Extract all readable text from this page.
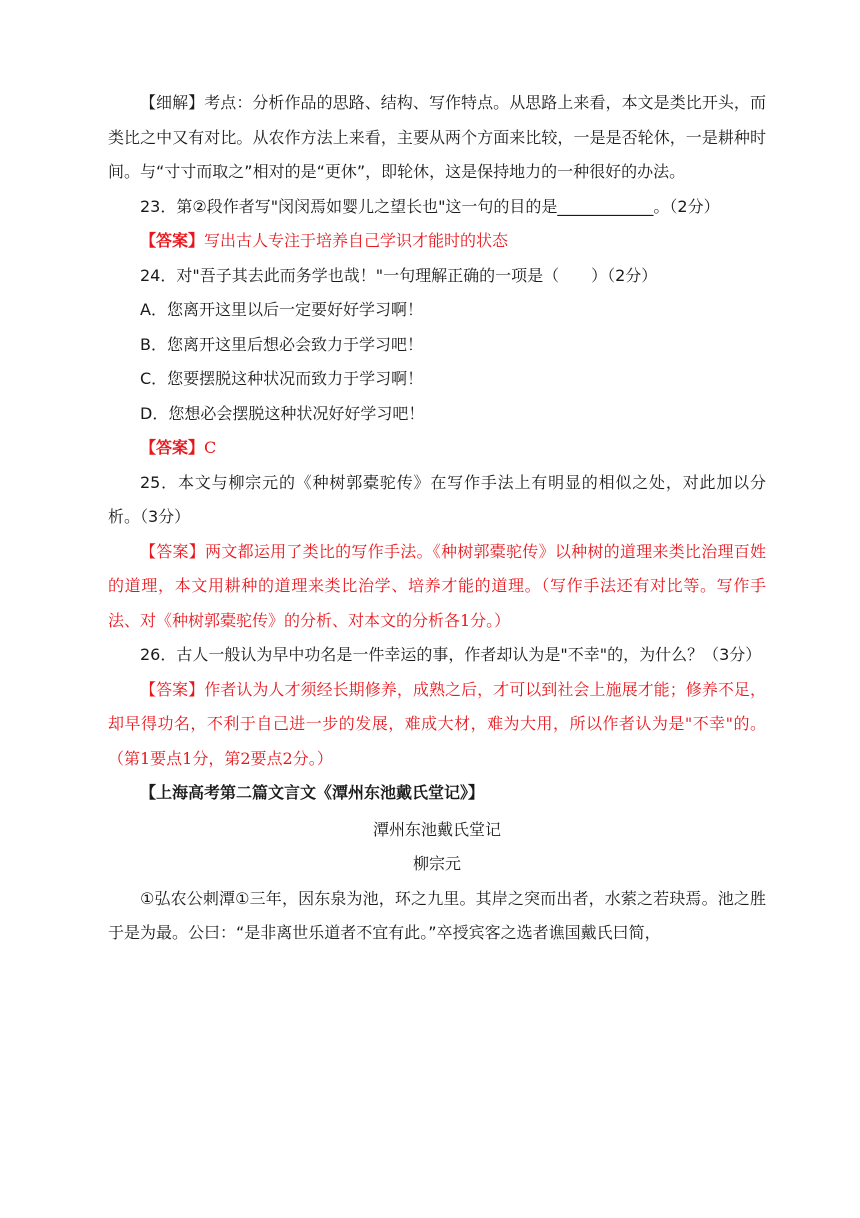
【细解】考点：分析作品的思路、结构、写作特点。从思路上来看，本文是类比开头，而类比之中又有对比。从农作方法上来看，主要从两个方面来比较，一是是否轮休，一是耕种时间。与“寸寸而取之”相对的是“更休”，即轮休，这是保持地力的一种很好的办法。

23．第②段作者写"闵闵焉如婴儿之望长也"这一句的目的是____________。（2分）

【答案】写出古人专注于培养自己学识才能时的状态

24．对"吾子其去此而务学也哉！"一句理解正确的一项是（　　）（2分）

A．您离开这里以后一定要好好学习啊！

B．您离开这里后想必会致力于学习吧！

C．您要摆脱这种状况而致力于学习啊！

D．您想必会摆脱这种状况好好学习吧！

【答案】C

25．本文与柳宗元的《种树郭橐驼传》在写作手法上有明显的相似之处，对此加以分析。（3分）

【答案】两文都运用了类比的写作手法。《种树郭橐驼传》以种树的道理来类比治理百姓的道理，本文用耕种的道理来类比治学、培养才能的道理。（写作手法还有对比等。写作手法、对《种树郭橐驼传》的分析、对本文的分析各1分。）

26．古人一般认为早中功名是一件幸运的事，作者却认为是"不幸"的，为什么？（3分）

【答案】作者认为人才须经长期修养，成熟之后，才可以到社会上施展才能；修养不足，却早得功名，不利于自己进一步的发展，难成大材，难为大用，所以作者认为是"不幸"的。（第1要点1分，第2要点2分。）

【上海高考第二篇文言文《潭州东池戴氏堂记》】

潭州东池戴氏堂记

柳宗元

①弘农公刺潭①三年，因东泉为池，环之九里。其岸之突而出者，水萦之若玦焉。池之胜于是为最。公曰：“是非离世乐道者不宜有此。”卒授宾客之选者谯国戴氏曰简，
